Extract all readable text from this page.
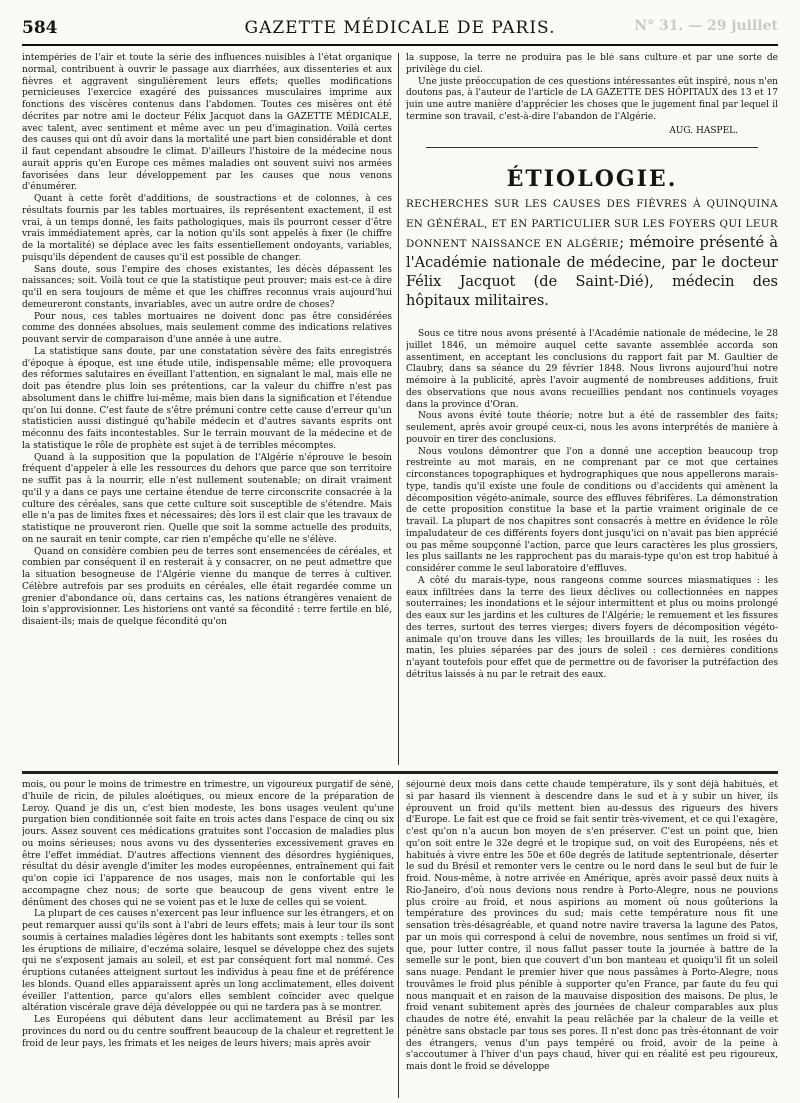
584	GAZETTE MÉDICALE DE PARIS.	N° 31. — 29 juillet

intempéries de l'air et toute la série des influences nuisibles à l'état organique normal, contribuent à ouvrir le passage aux diarrhées, aux dissenteries et aux fièvres et aggravent singulièrement leurs effets; quelles modifications pernicieuses l'exercice exagéré des puissances musculaires imprime aux fonctions des viscères contenus dans l'abdomen. Toutes ces misères ont été décrites par notre ami le docteur Félix Jacquot dans la GAZETTE MÉDICALE, avec talent, avec sentiment et même avec un peu d'imagination. Voilà certes des causes qui ont dû avoir dans la mortalité une part bien considérable et dont il faut cependant absoudre le climat. D'ailleurs l'histoire de la médecine nous aurait appris qu'en Europe ces mêmes maladies ont souvent suivi nos armées favorisées dans leur développement par les causes que nous venons d'énumérer.

Quant à cette forêt d'additions, de soustractions et de colonnes, à ces résultats fournis par les tables mortuaires, ils représentent exactement, il est vrai, à un temps donné, les faits pathologiques, mais ils pourront cesser d'être vrais immédiatement après, car la notion qu'ils sont appelés à fixer (le chiffre de la mortalité) se déplace avec les faits essentiellement ondoyants, variables, puisqu'ils dépendent de causes qu'il est possible de changer.

Sans doute, sous l'empire des choses existantes, les décès dépassent les naissances; soit. Voilà tout ce que la statistique peut prouver; mais est-ce à dire qu'il en sera toujours de même et que les chiffres reconnus vrais aujourd'hui demeureront constants, invariables, avec un autre ordre de choses?

Pour nous, ces tables mortuaires ne doivent donc pas être considérées comme des données absolues, mais seulement comme des indications relatives pouvant servir de comparaison d'une année à une autre.

La statistique sans doute, par une constatation sévère des faits enregistrés d'époque à époque, est une étude utile, indispensable même; elle provoquera des réformes salutaires en éveillant l'attention, en signalant le mal, mais elle ne doit pas étendre plus loin ses prétentions, car la valeur du chiffre n'est pas absolument dans le chiffre lui-même, mais bien dans la signification et l'étendue qu'on lui donne. C'est faute de s'être prémuni contre cette cause d'erreur qu'un statisticien aussi distingué qu'habile médecin et d'autres savants esprits ont méconnu des faits incontestables. Sur le terrain mouvant de la médecine et de la statistique le rôle de prophète est sujet à de terribles mécomptes.

Quand à la supposition que la population de l'Algérie n'éprouve le besoin fréquent d'appeler à elle les ressources du dehors que parce que son territoire ne suffit pas à la nourrir, elle n'est nullement soutenable; on dirait vraiment qu'il y a dans ce pays une certaine étendue de terre circonscrite consacrée à la culture des céréales, sans que cette culture soit susceptible de s'étendre. Mais elle n'a pas de limites fixes et nécessaires; dès lors il est clair que les travaux de statistique ne prouveront rien. Quelle que soit la somme actuelle des produits, on ne saurait en tenir compte, car rien n'empêche qu'elle ne s'élève.

Quand on considère combien peu de terres sont ensemencées de céréales, et combien par conséquent il en resterait à y consacrer, on ne peut admettre que la situation besogneuse de l'Algérie vienne du manque de terres à cultiver. Célèbre autrefois par ses produits en céréales, elle était regardée comme un grenier d'abondance où, dans certains cas, les nations étrangères venaient de loin s'approvisionner. Les historiens ont vanté sa fécondité : terre fertile en blé, disaient-ils; mais de quelque fécondité qu'on

la suppose, la terre ne produira pas le blé sans culture et par une sorte de privilège du ciel.

Une juste préoccupation de ces questions intéressantes eût inspiré, nous n'en doutons pas, à l'auteur de l'article de LA GAZETTE DES HÔPITAUX des 13 et 17 juin une autre manière d'apprécier les choses que le jugement final par lequel il termine son travail, c'est-à-dire l'abandon de l'Algérie.

AUG. HASPEL.
ÉTIOLOGIE.
RECHERCHES SUR LES CAUSES DES FIÈVRES À QUINQUINA EN GÉNÉRAL, ET EN PARTICULIER SUR LES FOYERS QUI LEUR DONNENT NAISSANCE EN ALGÉRIE; mémoire présenté à l'Académie nationale de médecine, par le docteur Félix Jacquot (de Saint-Dié), médecin des hôpitaux militaires.

Sous ce titre nous avons présenté à l'Académie nationale de médecine, le 28 juillet 1846, un mémoire auquel cette savante assemblée accorda son assentiment, en acceptant les conclusions du rapport fait par M. Gaultier de Claubry, dans sa séance du 29 février 1848. Nous livrons aujourd'hui notre mémoire à la publicité, après l'avoir augmenté de nombreuses additions, fruit des observations que nous avons recueillies pendant nos continuels voyages dans la province d'Oran.

Nous avons évité toute théorie; notre but a été de rassembler des faits; seulement, après avoir groupé ceux-ci, nous les avons interprétés de manière à pouvoir en tirer des conclusions.

Nous voulons démontrer que l'on a donné une acception beaucoup trop restreinte au mot marais, en ne comprenant par ce mot que certaines circonstances topographiques et hydrographiques que nous appellerons marais-type, tandis qu'il existe une foule de conditions ou d'accidents qui amènent la décomposition végéto-animale, source des effluves fébrifères. La démonstration de cette proposition constitue la base et la partie vraiment originale de ce travail. La plupart de nos chapitres sont consacrés à mettre en évidence le rôle impaludateur de ces différents foyers dont jusqu'ici on n'avait pas bien apprécié ou pas même soupçonné l'action, parce que leurs caractères les plus grossiers, les plus saillants ne les rapprochent pas du marais-type qu'on est trop habitué à considérer comme le seul laboratoire d'effluves.

A côté du marais-type, nous rangeons comme sources miasmatiques : les eaux infiltrées dans la terre des lieux déclives ou collectionnées en nappes souterraines; les inondations et le séjour intermittent et plus ou moins prolongé des eaux sur les jardins et les cultures de l'Algérie; le remuement et les fissures des terres, surtout des terres vierges; divers foyers de décomposition végéto-animale qu'on trouve dans les villes; les brouillards de la nuit, les rosées du matin, les pluies séparées par des jours de soleil : ces dernières conditions n'ayant toutefois pour effet que de permettre ou de favoriser la putréfaction des détritus laissés à nu par le retrait des eaux.

mois, ou pour le moins de trimestre en trimestre, un vigoureux purgatif de séné, d'huile de ricin, de pilules aloétiques, ou mieux encore de la préparation de Leroy. Quand je dis un, c'est bien modeste, les bons usages veulent qu'une purgation bien conditionnée soit faite en trois actes dans l'espace de cinq ou six jours. Assez souvent ces médications gratuites sont l'occasion de maladies plus ou moins sérieuses; nous avons vu des dyssenteries excessivement graves en être l'effet immédiat. D'autres affections viennent des désordres hygiéniques, résultat du désir avengle d'imiter les modes européennes, entraînement qui fait qu'on copie ici l'apparence de nos usages, mais non le confortable qui les accompagne chez nous; de sorte que beaucoup de gens vivent entre le dénûment des choses qui ne se voient pas et le luxe de celles qui se voient.

La plupart de ces causes n'exercent pas leur influence sur les étrangers, et on peut remarquer aussi qu'ils sont à l'abri de leurs effets; mais à leur tour ils sont soumis à certaines maladies légères dont les habitants sont exempts : telles sont les éruptions de miliaire, d'eczéma solaire, lesquel se développe chez des sujets qui ne s'exposent jamais au soleil, et est par conséquent fort mal nommé. Ces éruptions cutanées atteignent surtout les individus à peau fine et de préférence les blonds. Quand elles apparaissent après un long acclimatement, elles doivent éveiller l'attention, parce qu'alors elles semblent coïncider avec quelque altération viscérale grave déjà développée ou qui ne tardera pas à se montrer.

Les Européens qui débutent dans leur acclimatement au Brésil par les provinces du nord ou du centre souffrent beaucoup de la chaleur et regrettent le froid de leur pays, les frimats et les neiges de leurs hivers; mais après avoir

séjourné deux mois dans cette chaude température, ils y sont déjà habitués, et si par hasard ils viennent à descendre dans le sud et à y subir un hiver, ils éprouvent un froid qu'ils mettent bien au-dessus des rigueurs des hivers d'Europe. Le fait est que ce froid se fait sentir très-vivement, et ce qui l'exagère, c'est qu'on n'a aucun bon moyen de s'en préserver. C'est un point que, bien qu'on soit entre le 32e degré et le tropique sud, on voit des Européens, nés et habitués à vivre entre les 50e et 60e degrés de latitude septentrionale, déserter le sud du Brésil et remonter vers le centre ou le nord dans le seul but de fuir le froid. Nous-même, à notre arrivée en Amérique, après avoir passé deux nuits à Rio-Janeiro, d'où nous devions nous rendre à Porto-Alegre, nous ne pouvions plus croire au froid, et nous aspirions au moment où nous goûterions la température des provinces du sud; mais cette température nous fit une sensation très-désagréable, et quand notre navire traversa la lagune des Patos, par un mois qui correspond à celui de novembre, nous sentîmes un froid si vif, que, pour lutter contre, il nous fallut passer toute la journée à battre de la semelle sur le pont, bien que couvert d'un bon manteau et quoiqu'il fît un soleil sans nuage. Pendant le premier hiver que nous passâmes à Porto-Alegre, nous trouvâmes le froid plus pénible à supporter qu'en France, par faute du feu qui nous manquait et en raison de la mauvaise disposition des maisons. De plus, le froid venant subitement après des journées de chaleur comparables aux plus chaudes de notre été, envahit la peau relâchée par la chaleur de la veille et pénètre sans obstacle par tous ses pores. Il n'est donc pas très-étonnant de voir des étrangers, venus d'un pays tempéré ou froid, avoir de la peine à s'accoutumer à l'hiver d'un pays chaud, hiver qui en réalité est peu rigoureux, mais dont le froid se développe
